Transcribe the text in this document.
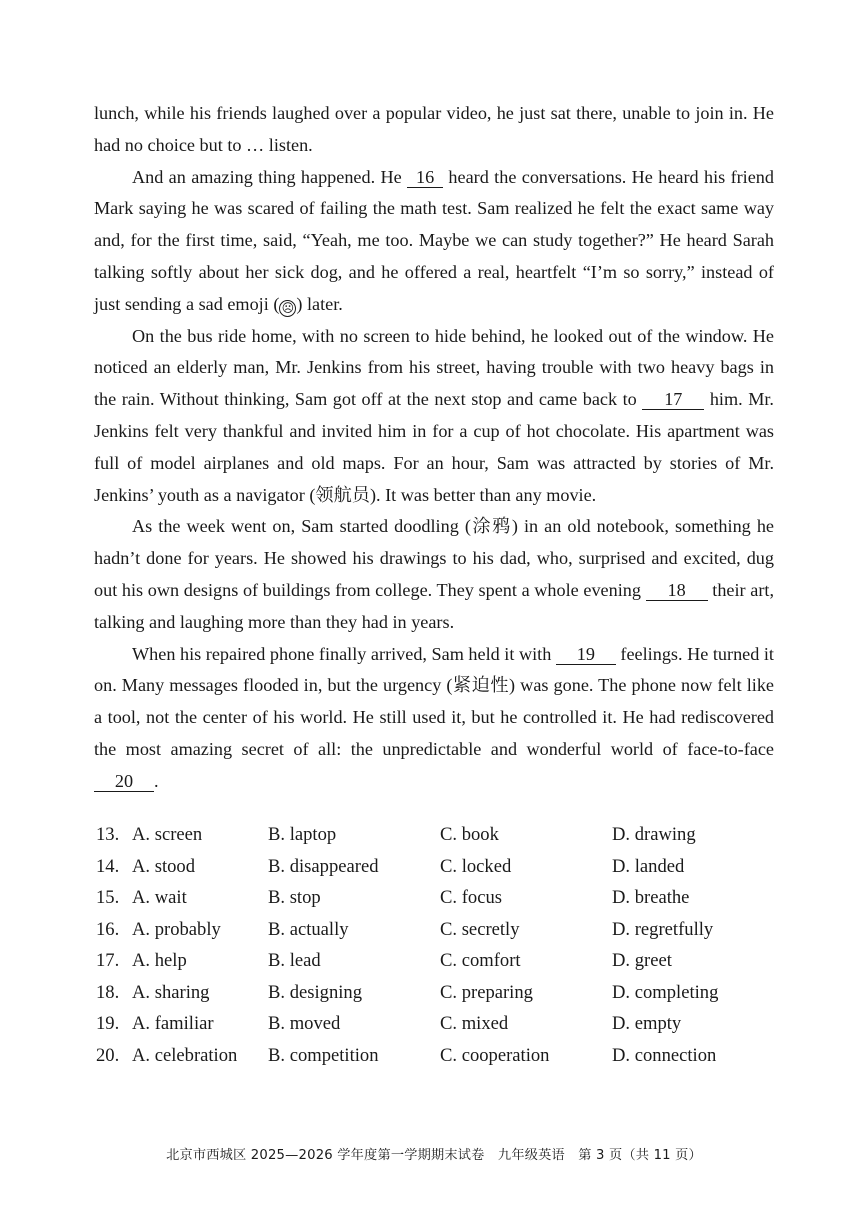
lunch, while his friends laughed over a popular video, he just sat there, unable to join in. He had no choice but to … listen.

And an amazing thing happened. He 16 heard the conversations. He heard his friend Mark saying he was scared of failing the math test. Sam realized he felt the exact same way and, for the first time, said, “Yeah, me too. Maybe we can study together?” He heard Sarah talking softly about her sick dog, and he offered a real, heartfelt “I’m so sorry,” instead of just sending a sad emoji ( ☹ ) later.

On the bus ride home, with no screen to hide behind, he looked out of the window. He noticed an elderly man, Mr. Jenkins from his street, having trouble with two heavy bags in the rain. Without thinking, Sam got off at the next stop and came back to 17 him. Mr. Jenkins felt very thankful and invited him in for a cup of hot chocolate. His apartment was full of model airplanes and old maps. For an hour, Sam was attracted by stories of Mr. Jenkins’ youth as a navigator (领航员). It was better than any movie.

As the week went on, Sam started doodling (涂鸦) in an old notebook, something he hadn’t done for years. He showed his drawings to his dad, who, surprised and excited, dug out his own designs of buildings from college. They spent a whole evening 18 their art, talking and laughing more than they had in years.

When his repaired phone finally arrived, Sam held it with 19 feelings. He turned it on. Many messages flooded in, but the urgency (紧迫性) was gone. The phone now felt like a tool, not the center of his world. He still used it, but he controlled it. He had rediscovered the most amazing secret of all: the unpredictable and wonderful world of face-to-face 20 .

13. A. screen	B. laptop	C. book	D. drawing
14. A. stood	B. disappeared	C. locked	D. landed
15. A. wait	B. stop	C. focus	D. breathe
16. A. probably	B. actually	C. secretly	D. regretfully
17. A. help	B. lead	C. comfort	D. greet
18. A. sharing	B. designing	C. preparing	D. completing
19. A. familiar	B. moved	C. mixed	D. empty
20. A. celebration B. competition	C. cooperation	D. connection
北京市西城区 2025—2026 学年度第一学期期末试卷　九年级英语　第 3 页（共 11 页）
